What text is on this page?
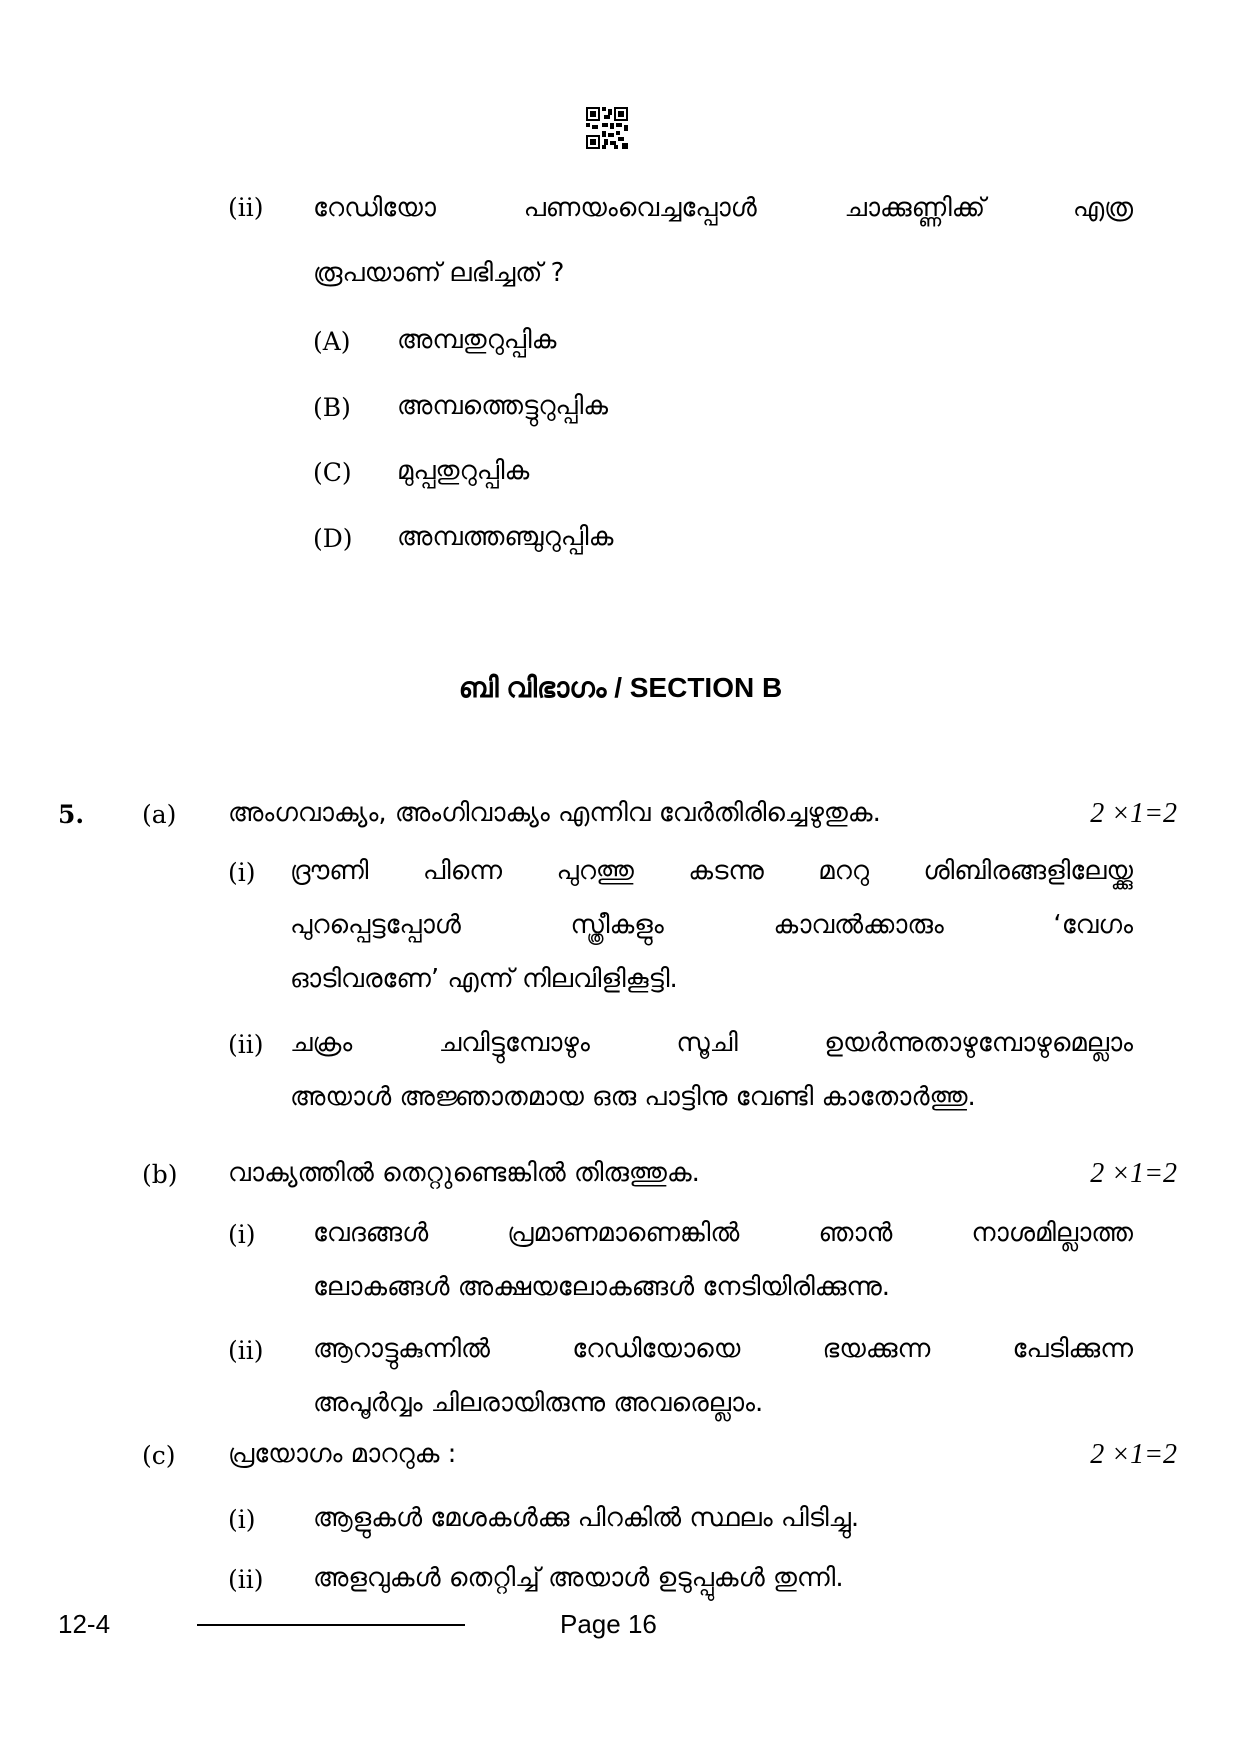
(ii) റേഡിയോ	പണയംവെച്ചപ്പോൾ	ചാക്കുണ്ണിക്ക്	എത്ര
രൂപയാണ് ലഭിച്ചത് ?
(A) അമ്പതുറുപ്പിക
(B) അമ്പത്തെട്ടുറുപ്പിക
(C) മുപ്പതുറുപ്പിക
(D) അമ്പത്തഞ്ചുറുപ്പിക
ബി വിഭാഗം / SECTION B
5. (a) അംഗവാക്യം, അംഗിവാക്യം എന്നിവ വേർതിരിച്ചെഴുതുക.	2 ×1=2
(i) ദ്രൗണി പിന്നെ പുറത്തു കടന്നു മററു ശിബിരങ്ങളിലേയ്ക്കു
പുറപ്പെട്ടപ്പോൾ സ്ത്രീകളും കാവൽക്കാരും ‘വേഗം
ഓടിവരണേ’ എന്ന് നിലവിളികൂട്ടി.
(ii) ചക്രം ചവിട്ടുമ്പോഴും സൂചി ഉയർന്നുതാഴുമ്പോഴുമെല്ലാം
അയാൾ അജ്ഞാതമായ ഒരു പാട്ടിനു വേണ്ടി കാതോർത്തു.
(b) വാക്യത്തിൽ തെറ്റുണ്ടെങ്കിൽ തിരുത്തുക.	2 ×1=2
(i) വേദങ്ങൾ പ്രമാണമാണെങ്കിൽ ഞാൻ നാശമില്ലാത്ത
ലോകങ്ങൾ അക്ഷയലോകങ്ങൾ നേടിയിരിക്കുന്നു.
(ii) ആറാട്ടുകുന്നിൽ റേഡിയോയെ ഭയക്കുന്ന പേടിക്കുന്ന
അപൂർവ്വം ചിലരായിരുന്നു അവരെല്ലാം.
(c) പ്രയോഗം മാററുക :	2 ×1=2
(i) ആളുകൾ മേശകൾക്കു പിറകിൽ സ്ഥലം പിടിച്ചു.
(ii) അളവുകൾ തെറ്റിച്ച് അയാൾ ഉടുപ്പുകൾ തുന്നി.
12-4	Page 16
